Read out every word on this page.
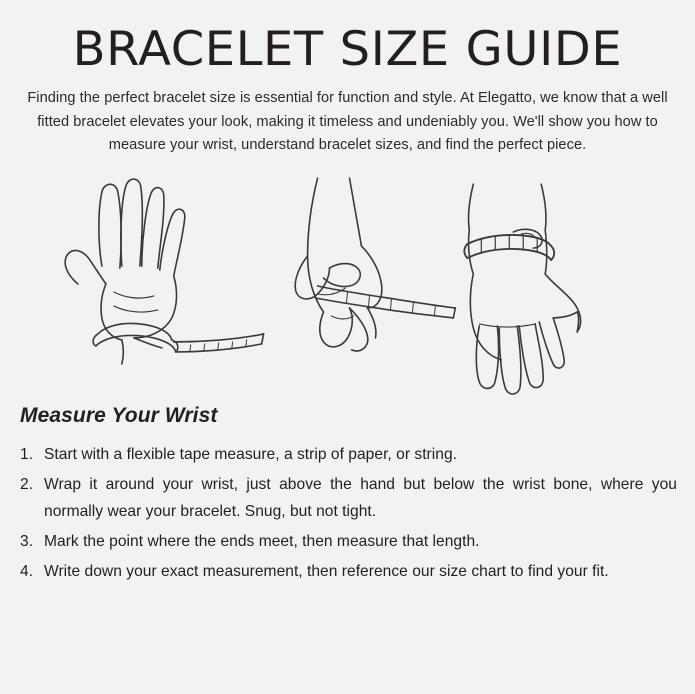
BRACELET SIZE GUIDE

Finding the perfect bracelet size is essential for function and style. At Elegatto, we know that a well fitted bracelet elevates your look, making it timeless and undeniably you. We'll show you how to measure your wrist, understand bracelet sizes, and find the perfect piece.

Measure Your Wrist
1. Start with a flexible tape measure, a strip of paper, or string.
2. Wrap it around your wrist, just above the hand but below the wrist bone, where you normally wear your bracelet. Snug, but not tight.
3. Mark the point where the ends meet, then measure that length.
4. Write down your exact measurement, then reference our size chart to find your fit.
